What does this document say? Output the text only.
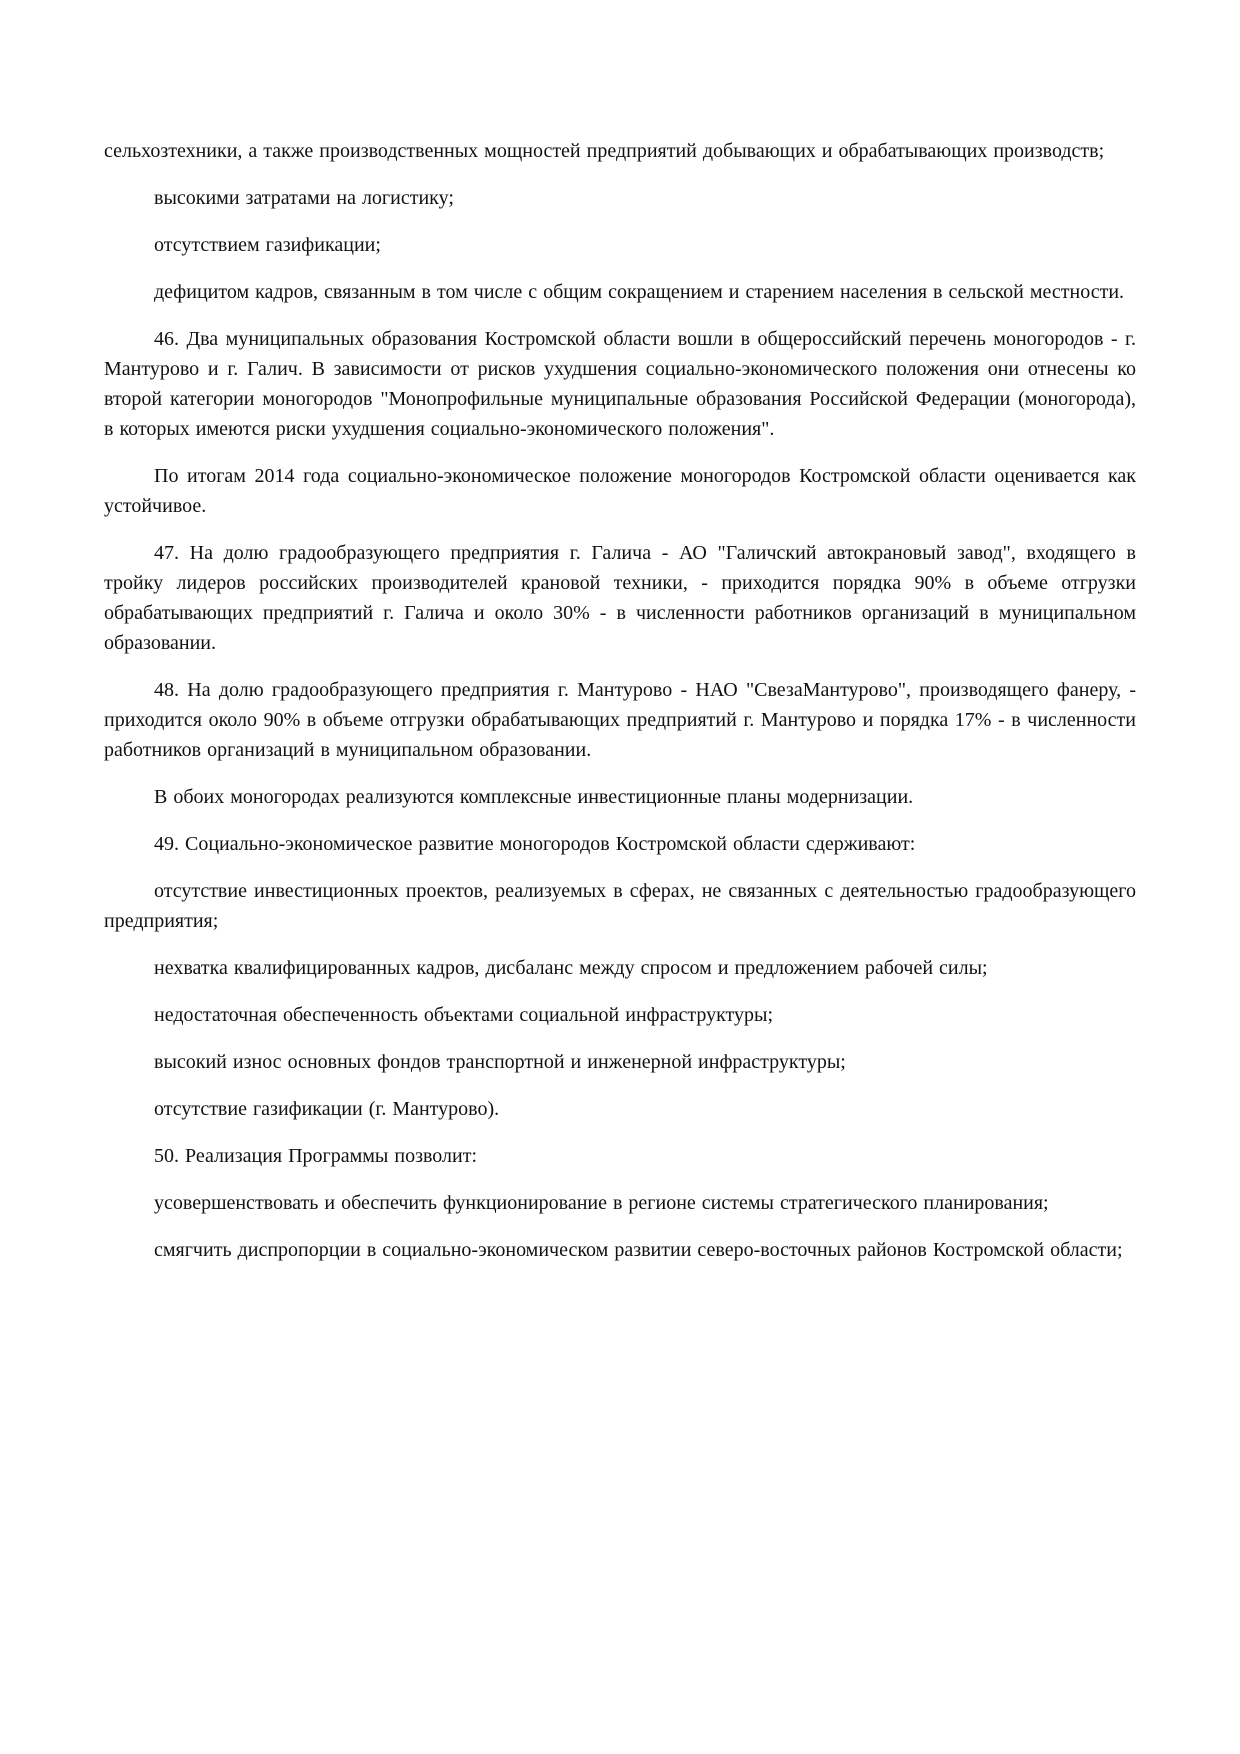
сельхозтехники, а также производственных мощностей предприятий добывающих и обрабатывающих производств;

высокими затратами на логистику;

отсутствием газификации;

дефицитом кадров, связанным в том числе с общим сокращением и старением населения в сельской местности.

46. Два муниципальных образования Костромской области вошли в общероссийский перечень моногородов - г. Мантурово и г. Галич. В зависимости от рисков ухудшения социально-экономического положения они отнесены ко второй категории моногородов "Монопрофильные муниципальные образования Российской Федерации (моногорода), в которых имеются риски ухудшения социально-экономического положения".

По итогам 2014 года социально-экономическое положение моногородов Костромской области оценивается как устойчивое.

47. На долю градообразующего предприятия г. Галича - АО "Галичский автокрановый завод", входящего в тройку лидеров российских производителей крановой техники, - приходится порядка 90% в объеме отгрузки обрабатывающих предприятий г. Галича и около 30% - в численности работников организаций в муниципальном образовании.

48. На долю градообразующего предприятия г. Мантурово - НАО "СвезаМантурово", производящего фанеру, - приходится около 90% в объеме отгрузки обрабатывающих предприятий г. Мантурово и порядка 17% - в численности работников организаций в муниципальном образовании.

В обоих моногородах реализуются комплексные инвестиционные планы модернизации.

49. Социально-экономическое развитие моногородов Костромской области сдерживают:

отсутствие инвестиционных проектов, реализуемых в сферах, не связанных с деятельностью градообразующего предприятия;

нехватка квалифицированных кадров, дисбаланс между спросом и предложением рабочей силы;

недостаточная обеспеченность объектами социальной инфраструктуры;

высокий износ основных фондов транспортной и инженерной инфраструктуры;

отсутствие газификации (г. Мантурово).

50. Реализация Программы позволит:

усовершенствовать и обеспечить функционирование в регионе системы стратегического планирования;

смягчить диспропорции в социально-экономическом развитии северо-восточных районов Костромской области;
